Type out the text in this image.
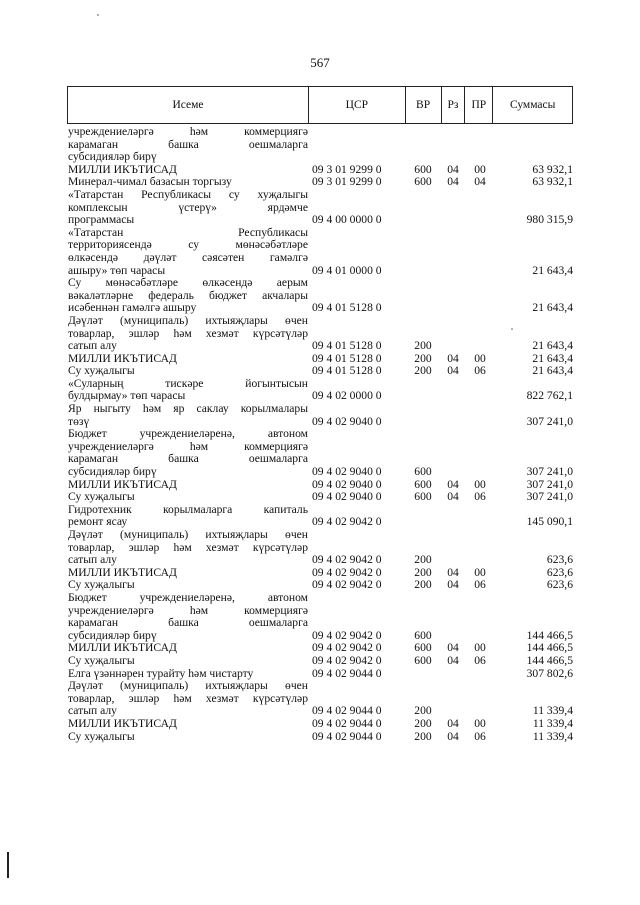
567
Исеме	ЦСР	ВР	Рз	ПР	Суммасы
учреждениеләргә һәм коммерциягә
карамаган башка оешмаларга
субсидияләр бирү
МИЛЛИ ИКЪТИСАД	09 3 01 9299 0	600	04	00	63 932,1
Минерал-чимал базасын торгызу	09 3 01 9299 0	600	04	04	63 932,1
«Татарстан Республикасы су хуҗалыгы
комплексын үстерү» ярдәмче
программасы	09 4 00 0000 0	980 315,9
«Татарстан Республикасы
территориясендә су мөнәсәбәтләре
өлкәсендә дәүләт сәясәтен гамәлгә
ашыру» төп чарасы	09 4 01 0000 0	21 643,4
Су мөнәсәбәтләре өлкәсендә аерым
вәкаләтләрне федераль бюджет акчалары
исәбеннән гамәлгә ашыру	09 4 01 5128 0	21 643,4
Дәүләт (муниципаль) ихтыяҗлары өчен
товарлар, эшләр һәм хезмәт күрсәтүләр
сатып алу	09 4 01 5128 0	200	21 643,4
МИЛЛИ ИКЪТИСАД	09 4 01 5128 0	200	04	00	21 643,4
Су хуҗалыгы	09 4 01 5128 0	200	04	06	21 643,4
«Суларның тискәре йогынтысын
булдырмау» төп чарасы	09 4 02 0000 0	822 762,1
Яр ныгыту һәм яр саклау корылмалары
төзү	09 4 02 9040 0	307 241,0
Бюджет учреждениеләренә, автоном
учреждениеләргә һәм коммерциягә
карамаган башка оешмаларга
субсидияләр бирү	09 4 02 9040 0	600	307 241,0
МИЛЛИ ИКЪТИСАД	09 4 02 9040 0	600	04	00	307 241,0
Су хуҗалыгы	09 4 02 9040 0	600	04	06	307 241,0
Гидротехник корылмаларга капиталь
ремонт ясау	09 4 02 9042 0	145 090,1
Дәүләт (муниципаль) ихтыяҗлары өчен
товарлар, эшләр һәм хезмәт күрсәтүләр
сатып алу	09 4 02 9042 0	200	623,6
МИЛЛИ ИКЪТИСАД	09 4 02 9042 0	200	04	00	623,6
Су хуҗалыгы	09 4 02 9042 0	200	04	06	623,6
Бюджет учреждениеләренә, автоном
учреждениеләргә һәм коммерциягә
карамаган башка оешмаларга
субсидияләр бирү	09 4 02 9042 0	600	144 466,5
МИЛЛИ ИКЪТИСАД	09 4 02 9042 0	600	04	00	144 466,5
Су хуҗалыгы	09 4 02 9042 0	600	04	06	144 466,5
Елга үзәннәрен турайту һәм чистарту	09 4 02 9044 0	307 802,6
Дәүләт (муниципаль) ихтыяҗлары өчен
товарлар, эшләр һәм хезмәт күрсәтүләр
сатып алу	09 4 02 9044 0	200	11 339,4
МИЛЛИ ИКЪТИСАД	09 4 02 9044 0	200	04	00	11 339,4
Су хуҗалыгы	09 4 02 9044 0	200	04	06	11 339,4
